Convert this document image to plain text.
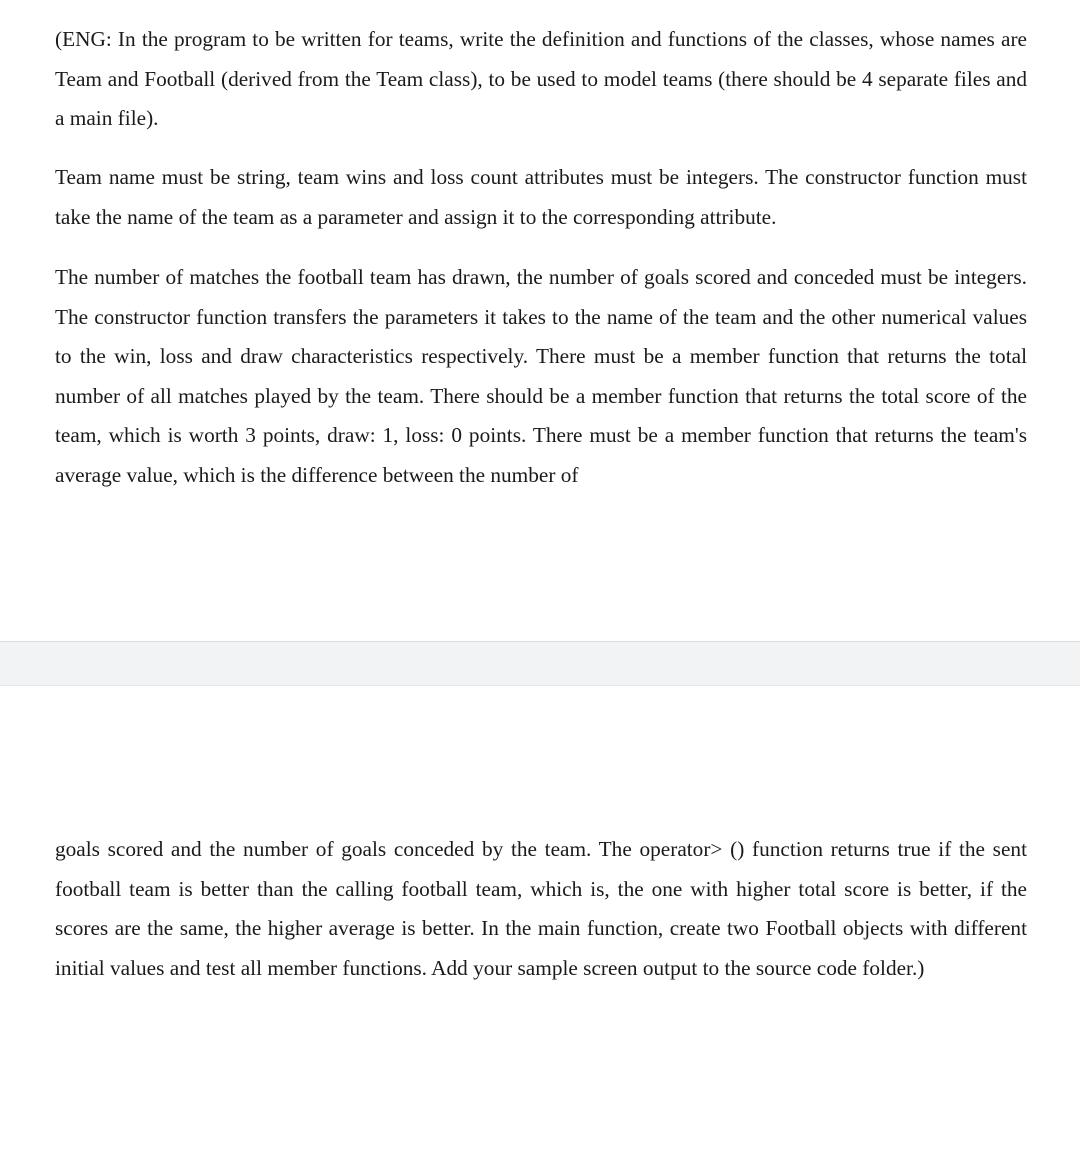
(ENG: In the program to be written for teams, write the definition and functions of the classes, whose names are Team and Football (derived from the Team class), to be used to model teams (there should be 4 separate files and a main file).

Team name must be string, team wins and loss count attributes must be integers. The constructor function must take the name of the team as a parameter and assign it to the corresponding attribute.

The number of matches the football team has drawn, the number of goals scored and conceded must be integers. The constructor function transfers the parameters it takes to the name of the team and the other numerical values to the win, loss and draw characteristics respectively. There must be a member function that returns the total number of all matches played by the team. There should be a member function that returns the total score of the team, which is worth 3 points, draw: 1, loss: 0 points. There must be a member function that returns the team's average value, which is the difference between the number of

goals scored and the number of goals conceded by the team. The operator> () function returns true if the sent football team is better than the calling football team, which is, the one with higher total score is better, if the scores are the same, the higher average is better. In the main function, create two Football objects with different initial values and test all member functions. Add your sample screen output to the source code folder.)
